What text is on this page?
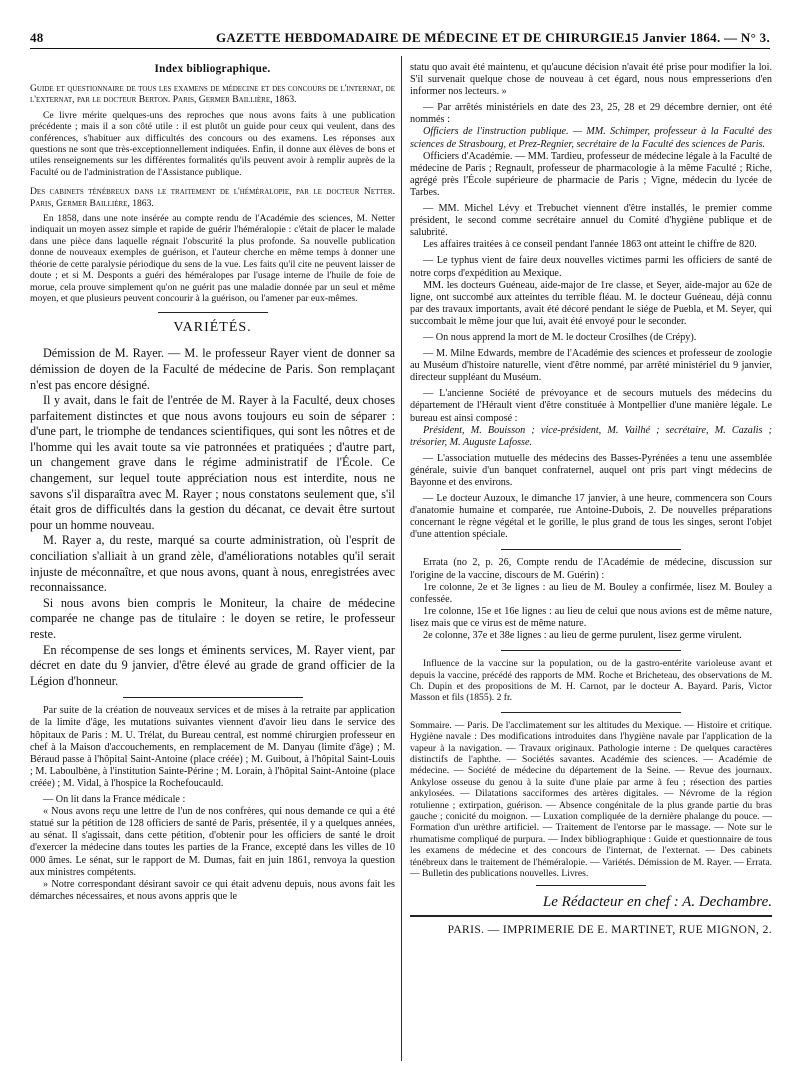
48	GAZETTE HEBDOMADAIRE DE MÉDECINE ET DE CHIRURGIE.
15 Janvier 1864. — N° 3.
Index bibliographique.

Guide et questionnaire de tous les examens de médecine et des concours de l'internat, de l'externat, par le docteur Berton. Paris, Germer Baillière, 1863.

Ce livre mérite quelques-uns des reproches que nous avons faits à une publication précédente ; mais il a son côté utile : il est plutôt un guide pour ceux qui veulent, dans des conférences, s'habituer aux difficultés des concours ou des examens. Les réponses aux questions ne sont que très-exceptionnellement indiquées. Enfin, il donne aux élèves de bons et utiles renseignements sur les différentes formalités qu'ils peuvent avoir à remplir auprès de la Faculté ou de l'administration de l'Assistance publique.

Des cabinets ténébreux dans le traitement de l'héméralopie, par le docteur Netter. Paris, Germer Baillière, 1863.

En 1858, dans une note insérée au compte rendu de l'Académie des sciences, M. Netter indiquait un moyen assez simple et rapide de guérir l'héméralopie : c'était de placer le malade dans une pièce dans laquelle régnait l'obscurité la plus profonde. Sa nouvelle publication donne de nouveaux exemples de guérison, et l'auteur cherche en même temps à donner une théorie de cette paralysie périodique du sens de la vue. Les faits qu'il cite ne peuvent laisser de doute ; et si M. Desponts a guéri des héméralopes par l'usage interne de l'huile de foie de morue, cela prouve simplement qu'on ne guérit pas une maladie donnée par un seul et même moyen, et que plusieurs peuvent concourir à la guérison, ou l'amener par eux-mêmes.

VARIÉTÉS.

Démission de M. Rayer. — M. le professeur Rayer vient de donner sa démission de doyen de la Faculté de médecine de Paris. Son remplaçant n'est pas encore désigné.

Il y avait, dans le fait de l'entrée de M. Rayer à la Faculté, deux choses parfaitement distinctes et que nous avons toujours eu soin de séparer : d'une part, le triomphe de tendances scientifiques, qui sont les nôtres et de l'homme qui les avait toute sa vie patronnées et pratiquées ; d'autre part, un changement grave dans le régime administratif de l'École. Ce changement, sur lequel toute appréciation nous est interdite, nous ne savons s'il disparaîtra avec M. Rayer ; nous constatons seulement que, s'il était gros de difficultés dans la gestion du décanat, ce devait être surtout pour un homme nouveau.

M. Rayer a, du reste, marqué sa courte administration, où l'esprit de conciliation s'alliait à un grand zèle, d'améliorations notables qu'il serait injuste de méconnaître, et que nous avons, quant à nous, enregistrées avec reconnaissance.

Si nous avons bien compris le Moniteur, la chaire de médecine comparée ne change pas de titulaire : le doyen se retire, le professeur reste.

En récompense de ses longs et éminents services, M. Rayer vient, par décret en date du 9 janvier, d'être élevé au grade de grand officier de la Légion d'honneur.

Par suite de la création de nouveaux services et de mises à la retraite par application de la limite d'âge, les mutations suivantes viennent d'avoir lieu dans le service des hôpitaux de Paris : M. U. Trélat, du Bureau central, est nommé chirurgien professeur en chef à la Maison d'accouchements, en remplacement de M. Danyau (limite d'âge) ; M. Béraud passe à l'hôpital Saint-Antoine (place créée) ; M. Guibout, à l'hôpital Saint-Louis ; M. Laboulbène, à l'institution Sainte-Périne ; M. Lorain, à l'hôpital Saint-Antoine (place créée) ; M. Vidal, à l'hospice la Rochefoucauld.

— On lit dans la France médicale :

« Nous avons reçu une lettre de l'un de nos confrères, qui nous demande ce qui a été statué sur la pétition de 128 officiers de santé de Paris, présentée, il y a quelques années, au sénat. Il s'agissait, dans cette pétition, d'obtenir pour les officiers de santé le droit d'exercer la médecine dans toutes les parties de la France, excepté dans les villes de 10 000 âmes. Le sénat, sur le rapport de M. Dumas, fait en juin 1861, renvoya la question aux ministres compétents.

» Notre correspondant désirant savoir ce qui était advenu depuis, nous avons fait les démarches nécessaires, et nous avons appris que le

statu quo avait été maintenu, et qu'aucune décision n'avait été prise pour modifier la loi. S'il survenait quelque chose de nouveau à cet égard, nous nous empresserions d'en informer nos lecteurs. »

— Par arrêtés ministériels en date des 23, 25, 28 et 29 décembre dernier, ont été nommés :

Officiers de l'instruction publique. — MM. Schimper, professeur à la Faculté des sciences de Strasbourg, et Prez-Regnier, secrétaire de la Faculté des sciences de Paris.

Officiers d'Académie. — MM. Tardieu, professeur de médecine légale à la Faculté de médecine de Paris ; Regnault, professeur de pharmacologie à la même Faculté ; Riche, agrégé près l'École supérieure de pharmacie de Paris ; Vigne, médecin du lycée de Tarbes.

— MM. Michel Lévy et Trebuchet viennent d'être installés, le premier comme président, le second comme secrétaire annuel du Comité d'hygiène publique et de salubrité.

Les affaires traitées à ce conseil pendant l'année 1863 ont atteint le chiffre de 820.

— Le typhus vient de faire deux nouvelles victimes parmi les officiers de santé de notre corps d'expédition au Mexique.

MM. les docteurs Guéneau, aide-major de 1re classe, et Seyer, aide-major au 62e de ligne, ont succombé aux atteintes du terrible fléau. M. le docteur Guéneau, déjà connu par des travaux importants, avait été décoré pendant le siége de Puebla, et M. Seyer, qui succombait le même jour que lui, avait été envoyé pour le seconder.

— On nous apprend la mort de M. le docteur Crosilhes (de Crépy).

— M. Milne Edwards, membre de l'Académie des sciences et professeur de zoologie au Muséum d'histoire naturelle, vient d'être nommé, par arrêté ministériel du 9 janvier, directeur suppléant du Muséum.

— L'ancienne Société de prévoyance et de secours mutuels des médecins du département de l'Hérault vient d'être constituée à Montpellier d'une manière légale. Le bureau est ainsi composé :

Président, M. Bouisson ; vice-président, M. Vailhé ; secrétaire, M. Cazalis ; trésorier, M. Auguste Lafosse.

— L'association mutuelle des médecins des Basses-Pyrénées a tenu une assemblée générale, suivie d'un banquet confraternel, auquel ont pris part vingt médecins de Bayonne et des environs.

— Le docteur Auzoux, le dimanche 17 janvier, à une heure, commencera son Cours d'anatomie humaine et comparée, rue Antoine-Dubois, 2. De nouvelles préparations concernant le règne végétal et le gorille, le plus grand de tous les singes, seront l'objet d'une attention spéciale.

Errata (no 2, p. 26, Compte rendu de l'Académie de médecine, discussion sur l'origine de la vaccine, discours de M. Guérin) :

1re colonne, 2e et 3e lignes : au lieu de M. Bouley a confirmée, lisez M. Bouley a confessée.

1re colonne, 15e et 16e lignes : au lieu de celui que nous avions est de même nature, lisez mais que ce virus est de même nature.

2e colonne, 37e et 38e lignes : au lieu de germe purulent, lisez germe virulent.

Influence de la vaccine sur la population, ou de la gastro-entérite varioleuse avant et depuis la vaccine, précédé des rapports de MM. Roche et Bricheteau, des observations de M. Ch. Dupin et des propositions de M. H. Carnot, par le docteur A. Bayard. Paris, Victor Masson et fils (1855). 2 fr.

Sommaire. — Paris. De l'acclimatement sur les altitudes du Mexique. — Histoire et critique. Hygiène navale : Des modifications introduites dans l'hygiène navale par l'application de la vapeur à la navigation. — Travaux originaux. Pathologie interne : De quelques caractères distinctifs de l'aphthe. — Sociétés savantes. Académie des sciences. — Académie de médecine. — Société de médecine du département de la Seine. — Revue des journaux. Ankylose osseuse du genou à la suite d'une plaie par arme à feu ; résection des parties ankylosées. — Dilatations sacciformes des artères digitales. — Névrome de la région rotulienne ; extirpation, guérison. — Absence congénitale de la plus grande partie du bras gauche ; conicité du moignon. — Luxation compliquée de la dernière phalange du pouce. — Formation d'un urèthre artificiel. — Traitement de l'entorse par le massage. — Note sur le rhumatisme compliqué de purpura. — Index bibliographique : Guide et questionnaire de tous les examens de médecine et des concours de l'internat, de l'externat. — Des cabinets ténébreux dans le traitement de l'héméralopie. — Variétés. Démission de M. Rayer. — Errata. — Bulletin des publications nouvelles. Livres.

Le Rédacteur en chef : A. Dechambre.
PARIS. — IMPRIMERIE DE E. MARTINET, RUE MIGNON, 2.
